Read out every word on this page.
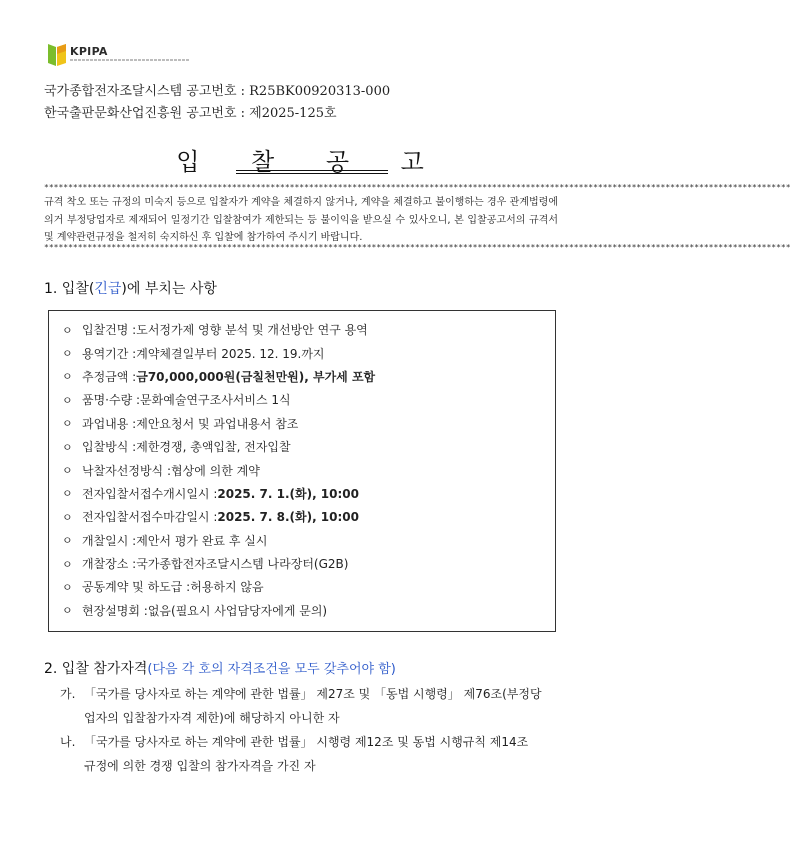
KPIPA
국가종합전자조달시스템 공고번호 : R25BK00920313-000
한국출판문화산업진흥원 공고번호 : 제2025-125호
입 찰 공 고
***********************************************************************************************************************************************************
규격 착오 또는 규정의 미숙지 등으로 입찰자가 계약을 체결하지 않거나, 계약을 체결하고 불이행하는 경우 관계법령에 의거 부정당업자로 제재되어 일정기간 입찰참여가 제한되는 등 불이익을 받으실 수 있사오니, 본 입찰공고서의 규격서 및 계약관련규정을 철저히 숙지하신 후 입찰에 참가하여 주시기 바랍니다.
***********************************************************************************************************************************************************
1. 입찰(긴급)에 부치는 사항
ㅇ 입찰건명 : 도서정가제 영향 분석 및 개선방안 연구 용역
ㅇ 용역기간 : 계약체결일부터 2025. 12. 19.까지
ㅇ 추정금액 : 금70,000,000원(금칠천만원), 부가세 포함
ㅇ 품명·수량 : 문화예술연구조사서비스 1식
ㅇ 과업내용 : 제안요청서 및 과업내용서 참조
ㅇ 입찰방식 : 제한경쟁, 총액입찰, 전자입찰
ㅇ 낙찰자선정방식 : 협상에 의한 계약
ㅇ 전자입찰서접수개시일시 : 2025. 7. 1.(화), 10:00
ㅇ 전자입찰서접수마감일시 : 2025. 7. 8.(화), 10:00
ㅇ 개찰일시 : 제안서 평가 완료 후 실시
ㅇ 개찰장소 : 국가종합전자조달시스템 나라장터(G2B)
ㅇ 공동계약 및 하도급 : 허용하지 않음
ㅇ 현장설명회 : 없음(필요시 사업담당자에게 문의)
2. 입찰 참가자격(다음 각 호의 자격조건을 모두 갖추어야 함)
가. 「국가를 당사자로 하는 계약에 관한 법률」 제27조 및 「동법 시행령」 제76조(부정당
업자의 입찰참가자격 제한)에 해당하지 아니한 자
나. 「국가를 당사자로 하는 계약에 관한 법률」 시행령 제12조 및 동법 시행규칙 제14조
규정에 의한 경쟁 입찰의 참가자격을 가진 자
